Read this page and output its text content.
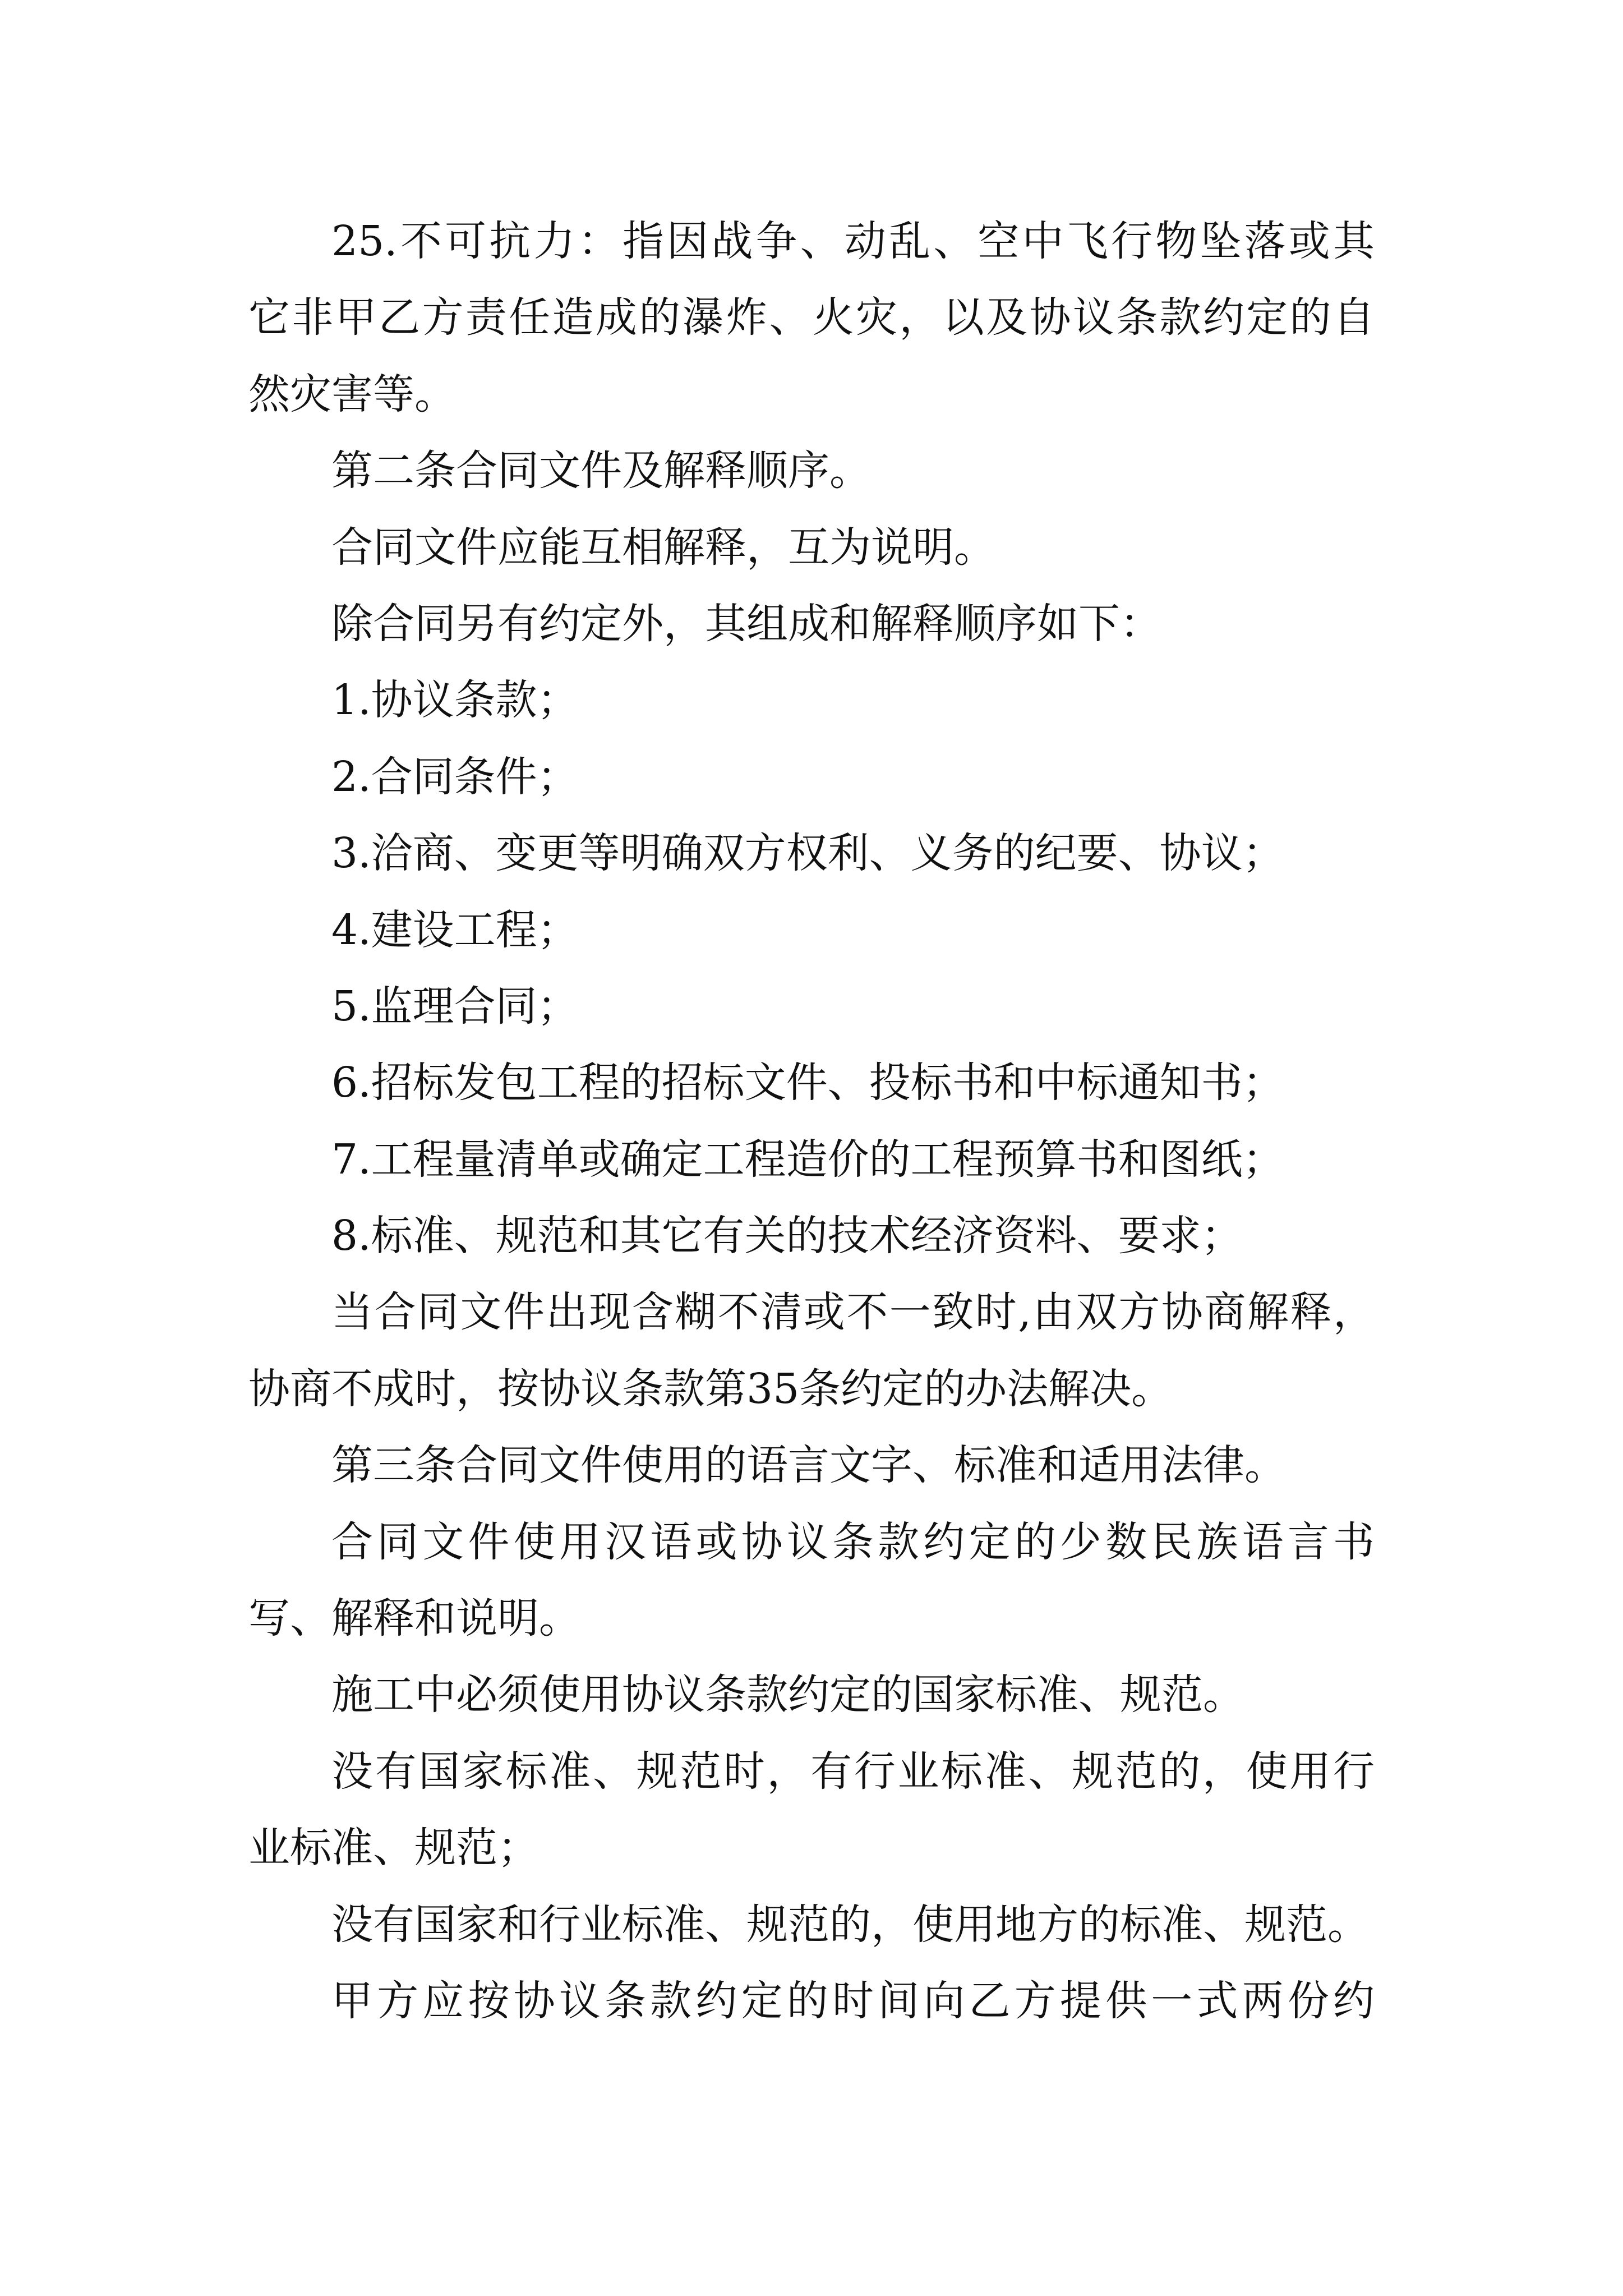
25.不可抗力：指因战争、动乱、空中飞行物坠落或其
它非甲乙方责任造成的瀑炸、火灾，以及协议条款约定的自
然灾害等。
第二条合同文件及解释顺序。
合同文件应能互相解释，互为说明。
除合同另有约定外，其组成和解释顺序如下：
1.协议条款；
2.合同条件；
3.洽商、变更等明确双方权利、义务的纪要、协议；
4.建设工程；
5.监理合同；
6.招标发包工程的招标文件、投标书和中标通知书；
7.工程量清单或确定工程造价的工程预算书和图纸；
8.标准、规范和其它有关的技术经济资料、要求；
当合同文件出现含糊不清或不一致时,由双方协商解释，
协商不成时，按协议条款第35条约定的办法解决。
第三条合同文件使用的语言文字、标准和适用法律。
合同文件使用汉语或协议条款约定的少数民族语言书
写、解释和说明。
施工中必须使用协议条款约定的国家标准、规范。
没有国家标准、规范时，有行业标准、规范的，使用行
业标准、规范；
没有国家和行业标准、规范的，使用地方的标准、规范。
甲方应按协议条款约定的时间向乙方提供一式两份约
